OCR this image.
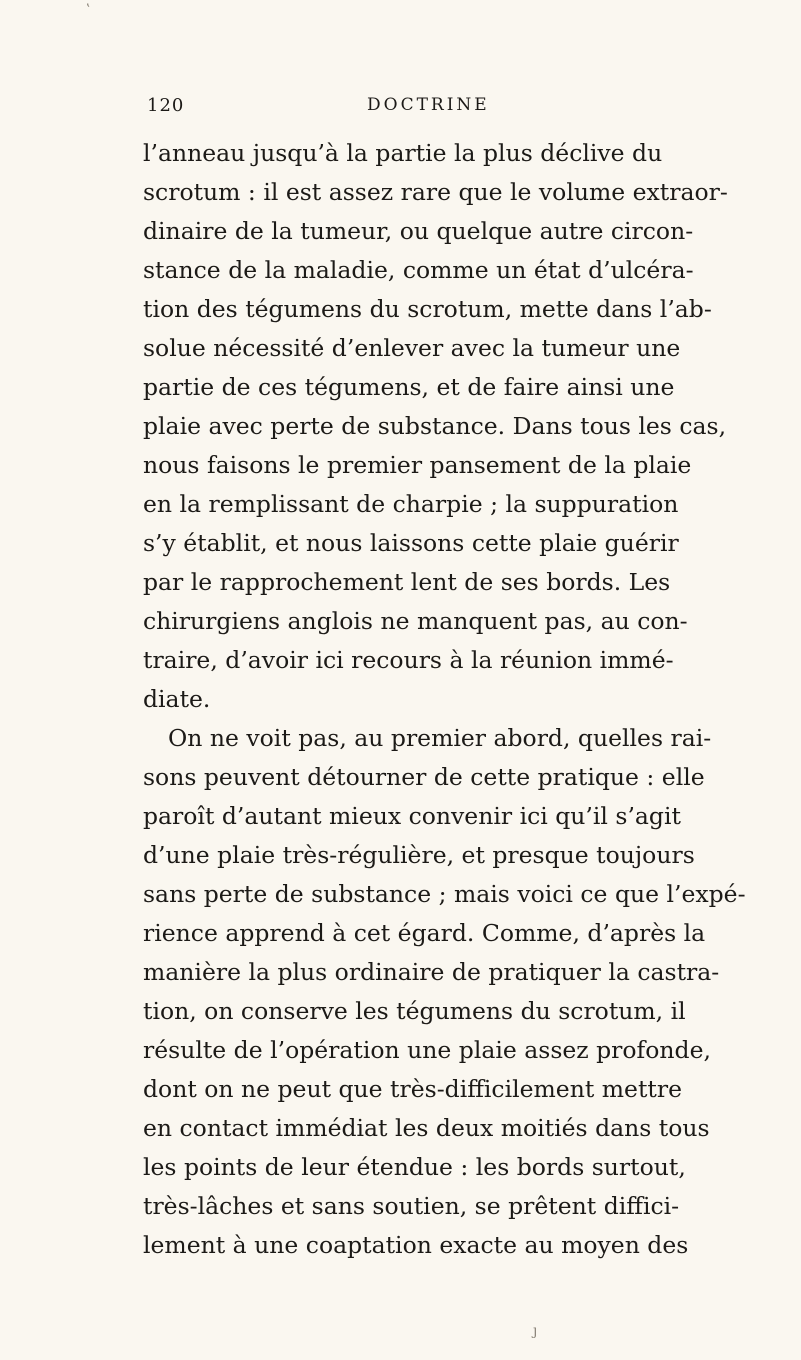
‛
120	DOCTRINE
l’anneau jusqu’à la partie la plus déclive du
scrotum : il est assez rare que le volume extraor-
dinaire de la tumeur, ou quelque autre circon-
stance de la maladie, comme un état d’ulcéra-
tion des tégumens du scrotum, mette dans l’ab-
solue nécessité d’enlever avec la tumeur une
partie de ces tégumens, et de faire ainsi une
plaie avec perte de substance. Dans tous les cas,
nous faisons le premier pansement de la plaie
en la remplissant de charpie ; la suppuration
s’y établit, et nous laissons cette plaie guérir
par le rapprochement lent de ses bords. Les
chirurgiens anglois ne manquent pas, au con-
traire, d’avoir ici recours à la réunion immé-
diate.
On ne voit pas, au premier abord, quelles rai-
sons peuvent détourner de cette pratique : elle
paroît d’autant mieux convenir ici qu’il s’agit
d’une plaie très-régulière, et presque toujours
sans perte de substance ; mais voici ce que l’expé-
rience apprend à cet égard. Comme, d’après la
manière la plus ordinaire de pratiquer la castra-
tion, on conserve les tégumens du scrotum, il
résulte de l’opération une plaie assez profonde,
dont on ne peut que très-difficilement mettre
en contact immédiat les deux moitiés dans tous
les points de leur étendue : les bords surtout,
très-lâches et sans soutien, se prêtent diffici-
lement à une coaptation exacte au moyen des
ȷ
